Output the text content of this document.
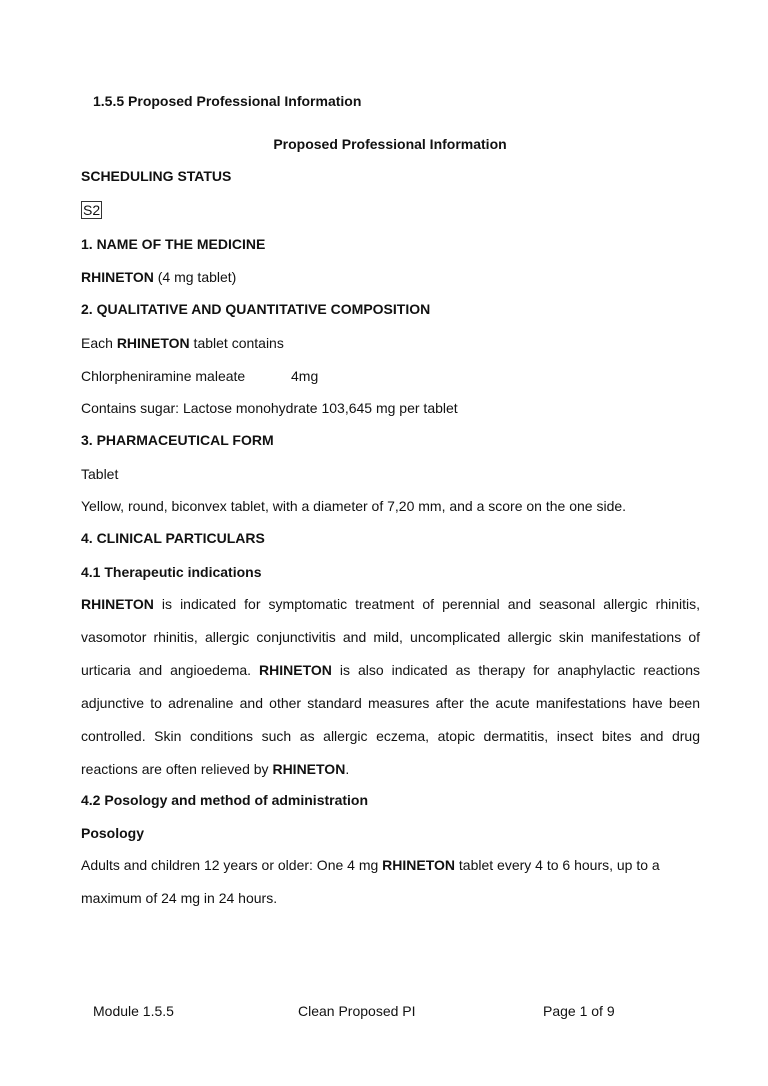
1.5.5 Proposed Professional Information
Proposed Professional Information
SCHEDULING STATUS
S2
1. NAME OF THE MEDICINE
RHINETON (4 mg tablet)
2. QUALITATIVE AND QUANTITATIVE COMPOSITION
Each RHINETON tablet contains
Chlorpheniramine maleate	4mg
Contains sugar: Lactose monohydrate 103,645 mg per tablet
3. PHARMACEUTICAL FORM
Tablet
Yellow, round, biconvex tablet, with a diameter of 7,20 mm, and a score on the one side.
4. CLINICAL PARTICULARS
4.1 Therapeutic indications
RHINETON is indicated for symptomatic treatment of perennial and seasonal allergic rhinitis, vasomotor rhinitis, allergic conjunctivitis and mild, uncomplicated allergic skin manifestations of urticaria and angioedema. RHINETON is also indicated as therapy for anaphylactic reactions adjunctive to adrenaline and other standard measures after the acute manifestations have been controlled. Skin conditions such as allergic eczema, atopic dermatitis, insect bites and drug reactions are often relieved by RHINETON.
4.2 Posology and method of administration
Posology
Adults and children 12 years or older: One 4 mg RHINETON tablet every 4 to 6 hours, up to a maximum of 24 mg in 24 hours.
Module 1.5.5	Clean Proposed PI	Page 1 of 9
